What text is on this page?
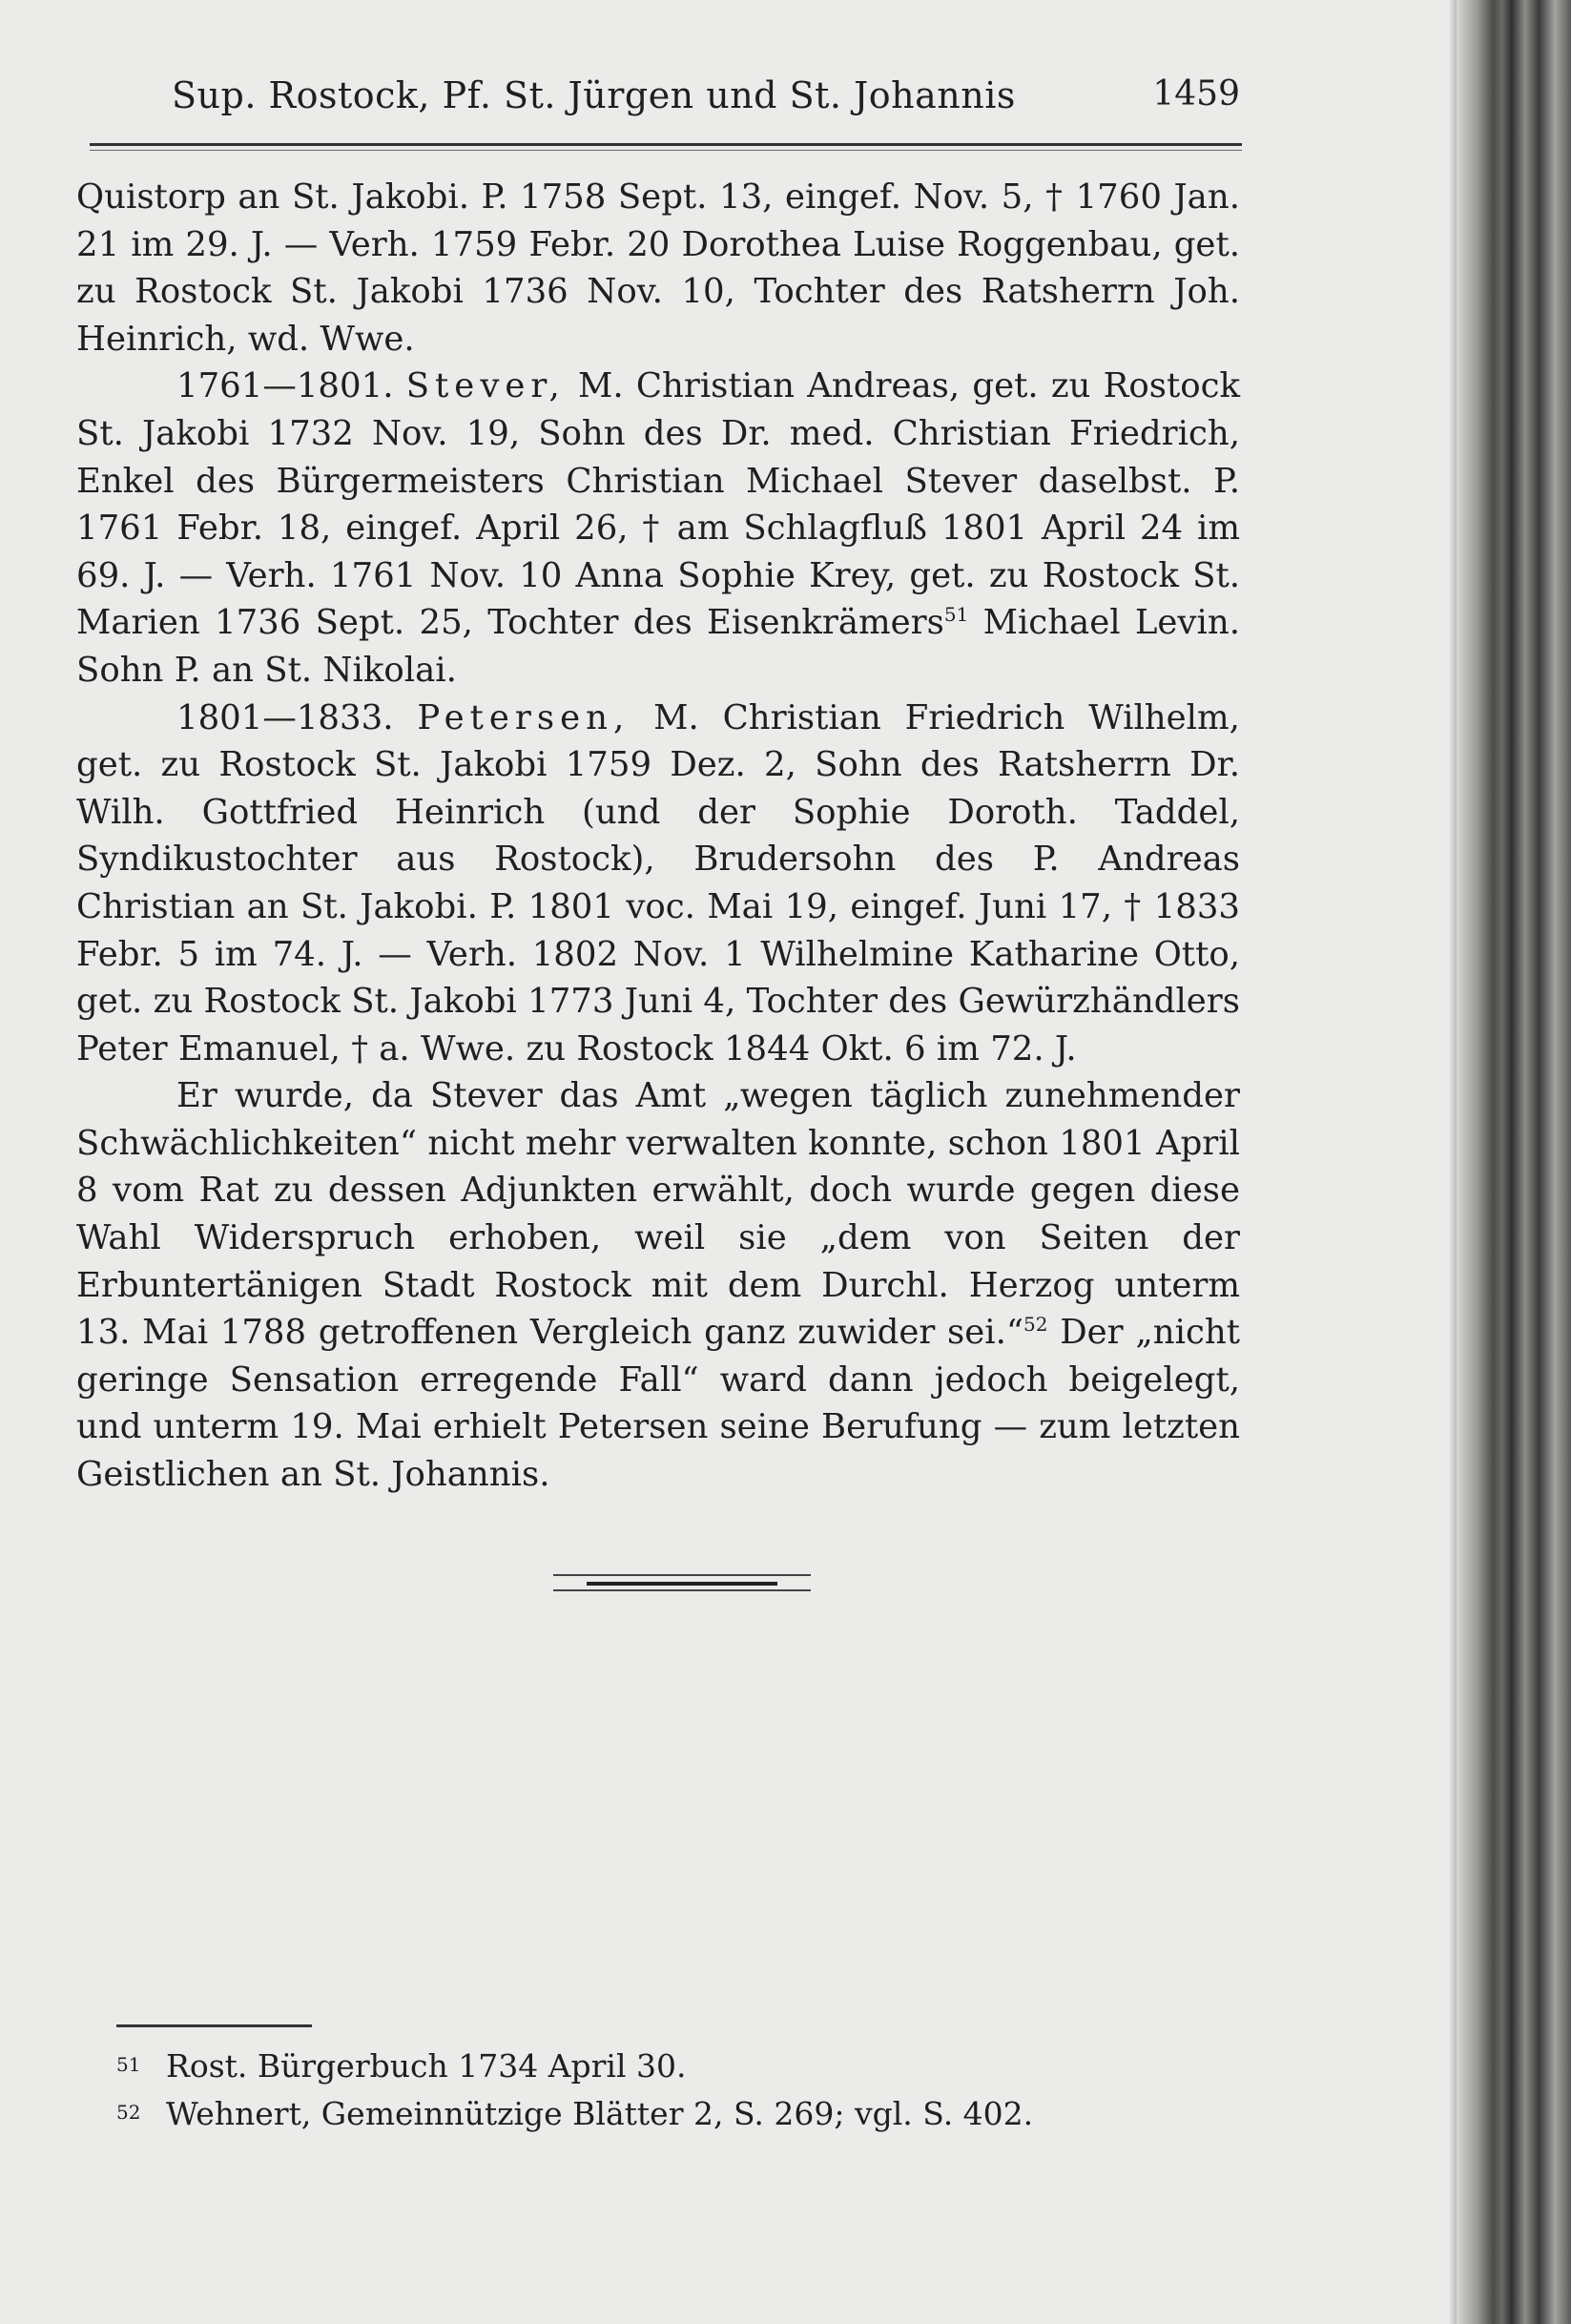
Sup. Rostock, Pf. St. Jürgen und St. Johannis	1459

Quistorp an St. Jakobi. P. 1758 Sept. 13, eingef. Nov. 5, † 1760 Jan. 21 im 29. J. — Verh. 1759 Febr. 20 Dorothea Luise Roggenbau, get. zu Rostock St. Jakobi 1736 Nov. 10, Tochter des Ratsherrn Joh. Heinrich, wd. Wwe.

1761—1801. Stever, M. Christian Andreas, get. zu Rostock St. Jakobi 1732 Nov. 19, Sohn des Dr. med. Christian Friedrich, Enkel des Bürgermeisters Christian Michael Stever daselbst. P. 1761 Febr. 18, eingef. April 26, † am Schlagfluß 1801 April 24 im 69. J. — Verh. 1761 Nov. 10 Anna Sophie Krey, get. zu Rostock St. Marien 1736 Sept. 25, Tochter des Eisenkrämers$^{51}$ Michael Levin. Sohn P. an St. Nikolai.

1801—1833. Petersen, M. Christian Friedrich Wilhelm, get. zu Rostock St. Jakobi 1759 Dez. 2, Sohn des Ratsherrn Dr. Wilh. Gottfried Heinrich (und der Sophie Doroth. Taddel, Syndikustochter aus Rostock), Brudersohn des P. Andreas Christian an St. Jakobi. P. 1801 voc. Mai 19, eingef. Juni 17, † 1833 Febr. 5 im 74. J. — Verh. 1802 Nov. 1 Wilhelmine Katharine Otto, get. zu Rostock St. Jakobi 1773 Juni 4, Tochter des Gewürzhändlers Peter Emanuel, † a. Wwe. zu Rostock 1844 Okt. 6 im 72. J.

Er wurde, da Stever das Amt „wegen täglich zunehmender Schwächlichkeiten“ nicht mehr verwalten konnte, schon 1801 April 8 vom Rat zu dessen Adjunkten erwählt, doch wurde gegen diese Wahl Widerspruch erhoben, weil sie „dem von Seiten der Erbuntertänigen Stadt Rostock mit dem Durchl. Herzog unterm 13. Mai 1788 getroffenen Vergleich ganz zuwider sei.“$^{52}$ Der „nicht geringe Sensation erregende Fall“ ward dann jedoch beigelegt, und unterm 19. Mai erhielt Petersen seine Berufung — zum letzten Geistlichen an St. Johannis.

51 Rost. Bürgerbuch 1734 April 30.

52 Wehnert, Gemeinnützige Blätter 2, S. 269; vgl. S. 402.
